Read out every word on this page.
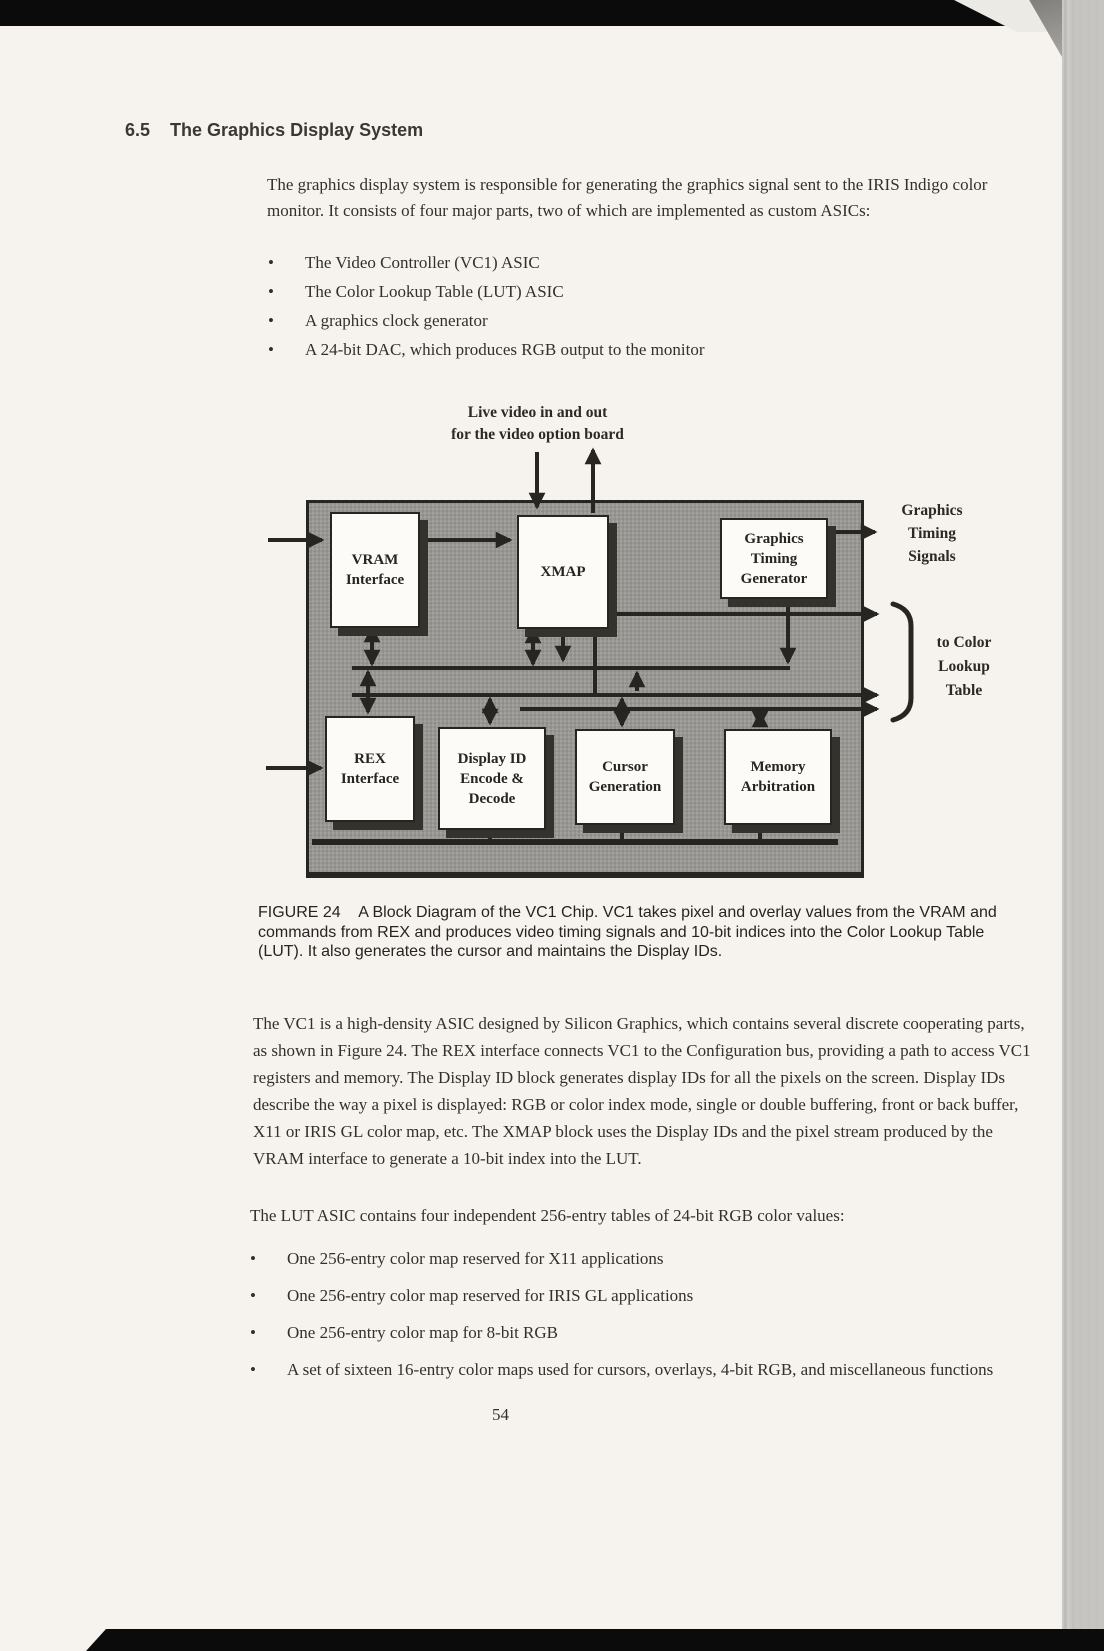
6.5 The Graphics Display System

The graphics display system is responsible for generating the graphics signal sent to the IRIS Indigo color monitor. It consists of four major parts, two of which are implemented as custom ASICs:

• The Video Controller (VC1) ASIC
• The Color Lookup Table (LUT) ASIC
• A graphics clock generator
• A 24-bit DAC, which produces RGB output to the monitor
Live video in and out
for the video option board
VRAM
Interface	XMAP
Graphics
Timing
Generator
REX
Interface
Display ID
Encode &
Decode
Cursor
Generation
Memory
Arbitration
Graphics
Timing
Signals
to Color
Lookup
Table

FIGURE 24 A Block Diagram of the VC1 Chip. VC1 takes pixel and overlay values from the VRAM and commands from REX and produces video timing signals and 10-bit indices into the Color Lookup Table (LUT). It also generates the cursor and maintains the Display IDs.

The VC1 is a high-density ASIC designed by Silicon Graphics, which contains several discrete cooperating parts, as shown in Figure 24. The REX interface connects VC1 to the Configuration bus, providing a path to access VC1 registers and memory. The Display ID block generates display IDs for all the pixels on the screen. Display IDs describe the way a pixel is displayed: RGB or color index mode, single or double buffering, front or back buffer, X11 or IRIS GL color map, etc. The XMAP block uses the Display IDs and the pixel stream produced by the VRAM interface to generate a 10-bit index into the LUT.

The LUT ASIC contains four independent 256-entry tables of 24-bit RGB color values:

• One 256-entry color map reserved for X11 applications
• One 256-entry color map reserved for IRIS GL applications
• One 256-entry color map for 8-bit RGB
• A set of sixteen 16-entry color maps used for cursors, overlays, 4-bit RGB, and miscellaneous functions
54
